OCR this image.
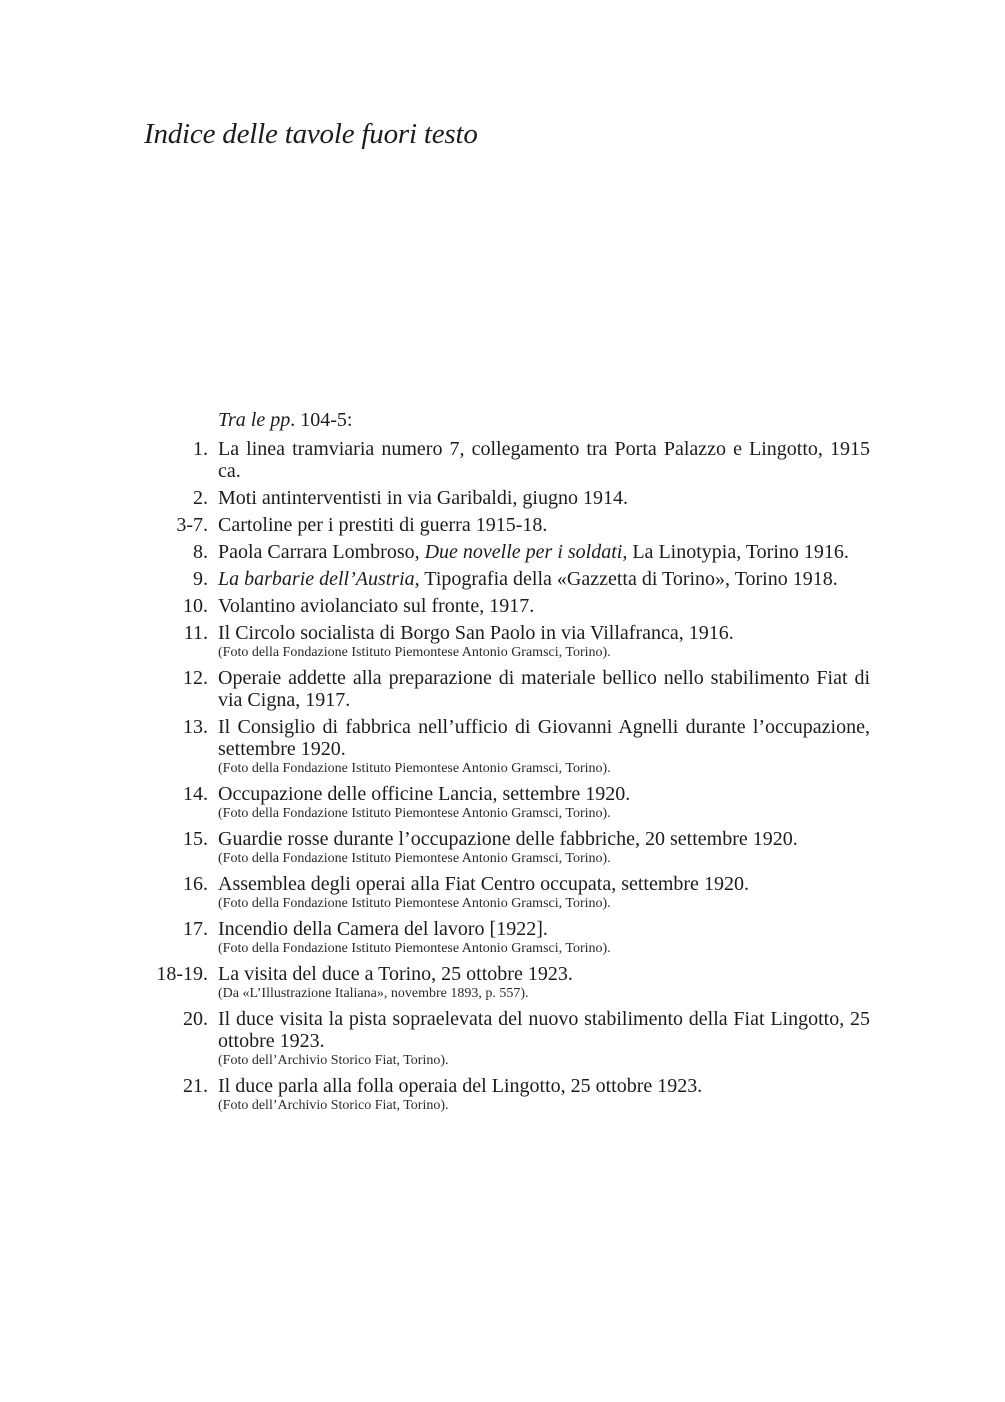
Indice delle tavole fuori testo
Tra le pp. 104-5:
1. La linea tramviaria numero 7, collegamento tra Porta Palazzo e Lingotto, 1915 ca.
2. Moti antinterventisti in via Garibaldi, giugno 1914.
3-7. Cartoline per i prestiti di guerra 1915-18.
8. Paola Carrara Lombroso, Due novelle per i soldati, La Linotypia, Torino 1916.
9. La barbarie dell’Austria, Tipografia della «Gazzetta di Torino», Torino 1918.
10. Volantino aviolanciato sul fronte, 1917.
11. Il Circolo socialista di Borgo San Paolo in via Villafranca, 1916.
(Foto della Fondazione Istituto Piemontese Antonio Gramsci, Torino).
12. Operaie addette alla preparazione di materiale bellico nello stabilimento Fiat di via Cigna, 1917.
13. Il Consiglio di fabbrica nell’ufficio di Giovanni Agnelli durante l’occupazione, settembre 1920.
(Foto della Fondazione Istituto Piemontese Antonio Gramsci, Torino).
14. Occupazione delle officine Lancia, settembre 1920.
(Foto della Fondazione Istituto Piemontese Antonio Gramsci, Torino).
15. Guardie rosse durante l’occupazione delle fabbriche, 20 settembre 1920.
(Foto della Fondazione Istituto Piemontese Antonio Gramsci, Torino).
16. Assemblea degli operai alla Fiat Centro occupata, settembre 1920.
(Foto della Fondazione Istituto Piemontese Antonio Gramsci, Torino).
17. Incendio della Camera del lavoro [1922].
(Foto della Fondazione Istituto Piemontese Antonio Gramsci, Torino).
18-19. La visita del duce a Torino, 25 ottobre 1923.
(Da «L’Illustrazione Italiana», novembre 1893, p. 557).
20. Il duce visita la pista sopraelevata del nuovo stabilimento della Fiat Lingotto, 25 ottobre 1923.
(Foto dell’Archivio Storico Fiat, Torino).
21. Il duce parla alla folla operaia del Lingotto, 25 ottobre 1923.
(Foto dell’Archivio Storico Fiat, Torino).
